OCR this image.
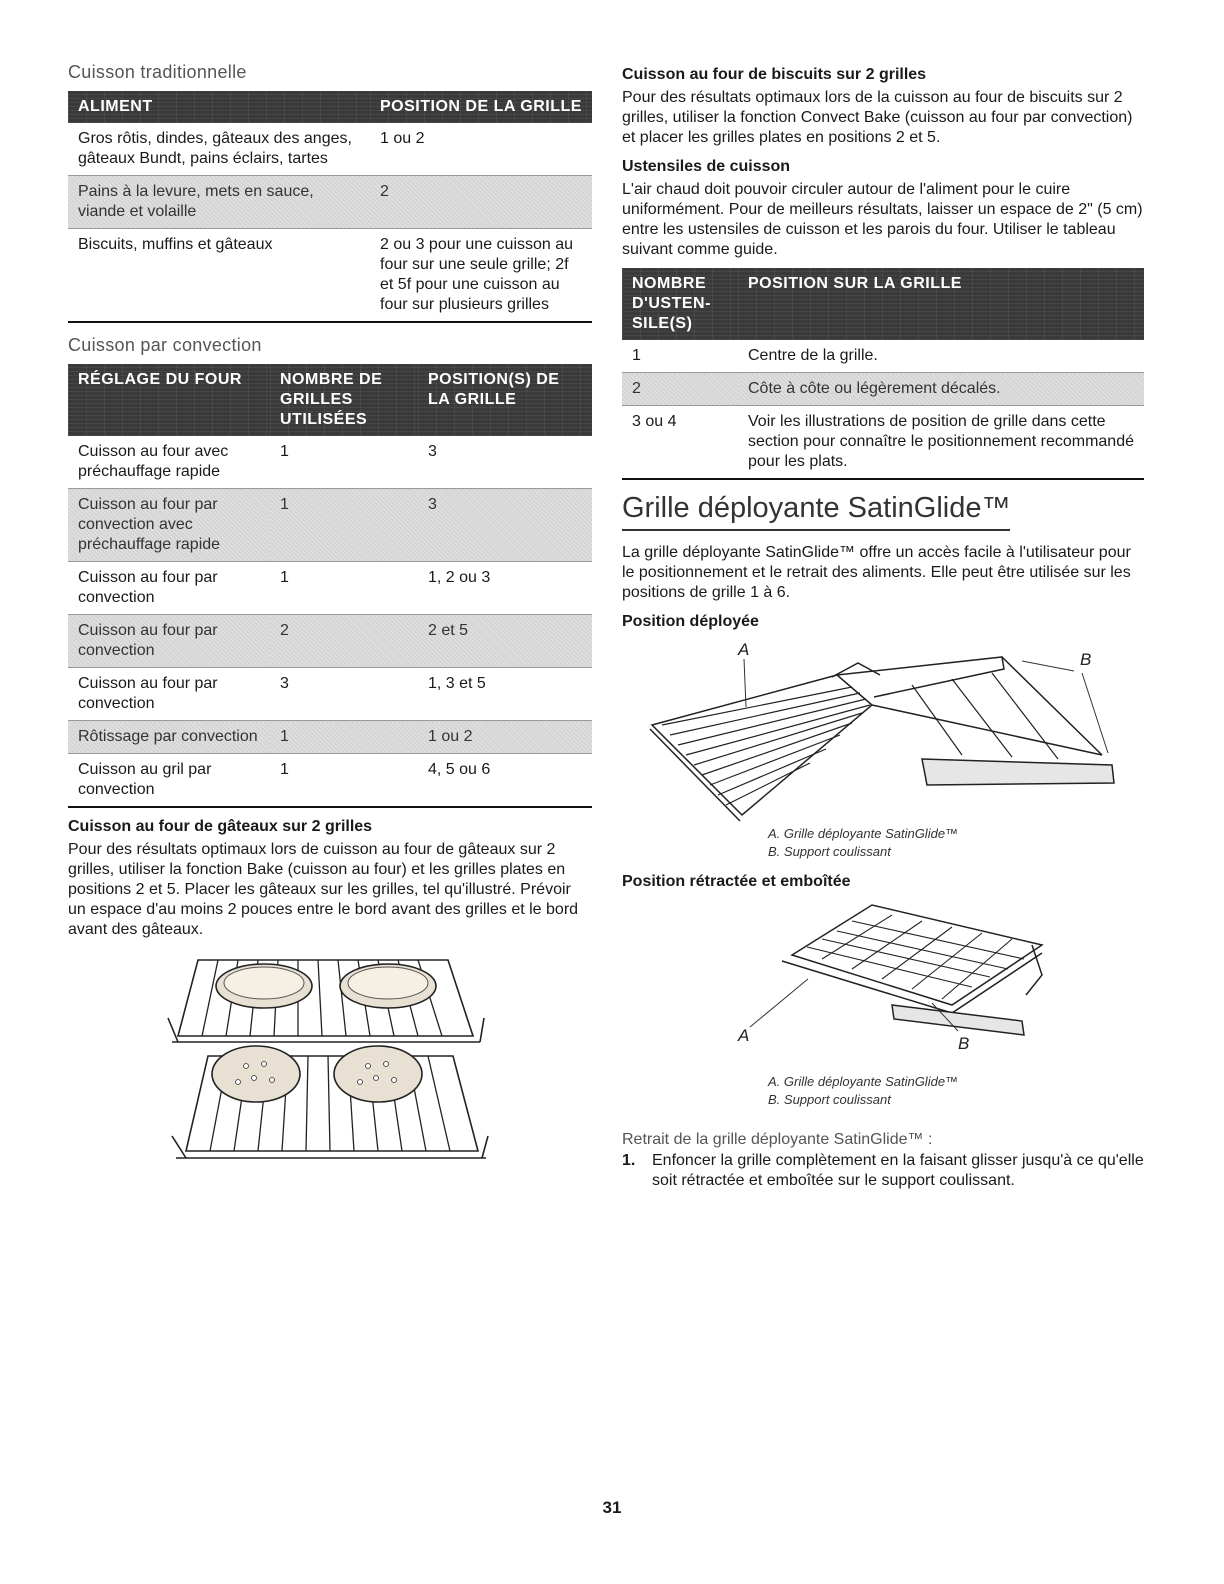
Cuisson traditionnelle
ALIMENT	POSITION DE LA GRILLE
Gros rôtis, dindes, gâteaux des anges, gâteaux Bundt, pains éclairs, tartes	1 ou 2
Pains à la levure, mets en sauce, viande et volaille	2
Biscuits, muffins et gâteaux	2 ou 3 pour une cuisson au four sur une seule grille; 2f et 5f pour une cuisson au four sur plusieurs grilles
Cuisson par convection
RÉGLAGE DU FOUR	NOMBRE DE GRILLES UTILISÉES	POSITION(S) DE LA GRILLE
Cuisson au four avec préchauffage rapide	1	3
Cuisson au four par convection avec préchauffage rapide	1	3
Cuisson au four par convection	1	1, 2 ou 3
Cuisson au four par convection	2	2 et 5
Cuisson au four par convection	3	1, 3 et 5
Rôtissage par convection	1	1 ou 2
Cuisson au gril par convection	1	4, 5 ou 6
Cuisson au four de gâteaux sur 2 grilles

Pour des résultats optimaux lors de cuisson au four de gâteaux sur 2 grilles, utiliser la fonction Bake (cuisson au four) et les grilles plates en positions 2 et 5. Placer les gâteaux sur les grilles, tel qu'illustré. Prévoir un espace d'au moins 2 pouces entre le bord avant des grilles et le bord avant des gâteaux.

Cuisson au four de biscuits sur 2 grilles

Pour des résultats optimaux lors de la cuisson au four de biscuits sur 2 grilles, utiliser la fonction Convect Bake (cuisson au four par convection) et placer les grilles plates en positions 2 et 5.

Ustensiles de cuisson

L'air chaud doit pouvoir circuler autour de l'aliment pour le cuire uniformément. Pour de meilleurs résultats, laisser un espace de 2" (5 cm) entre les ustensiles de cuisson et les parois du four. Utiliser le tableau suivant comme guide.

NOMBRE D'USTEN-SILE(S)	POSITION SUR LA GRILLE
1	Centre de la grille.
2	Côte à côte ou légèrement décalés.
3 ou 4	Voir les illustrations de position de grille dans cette section pour connaître le positionnement recommandé pour les plats.
Grille déployante SatinGlide™

La grille déployante SatinGlide™ offre un accès facile à l'utilisateur pour le positionnement et le retrait des aliments. Elle peut être utilisée sur les positions de grille 1 à 6.

Position déployée
A
B
A. Grille déployante SatinGlide™
B. Support coulissant
Position rétractée et emboîtée
A	B
A. Grille déployante SatinGlide™
B. Support coulissant
Retrait de la grille déployante SatinGlide™ :
1.	Enfoncer la grille complètement en la faisant glisser jusqu'à ce qu'elle soit rétractée et emboîtée sur le support coulissant.
31
